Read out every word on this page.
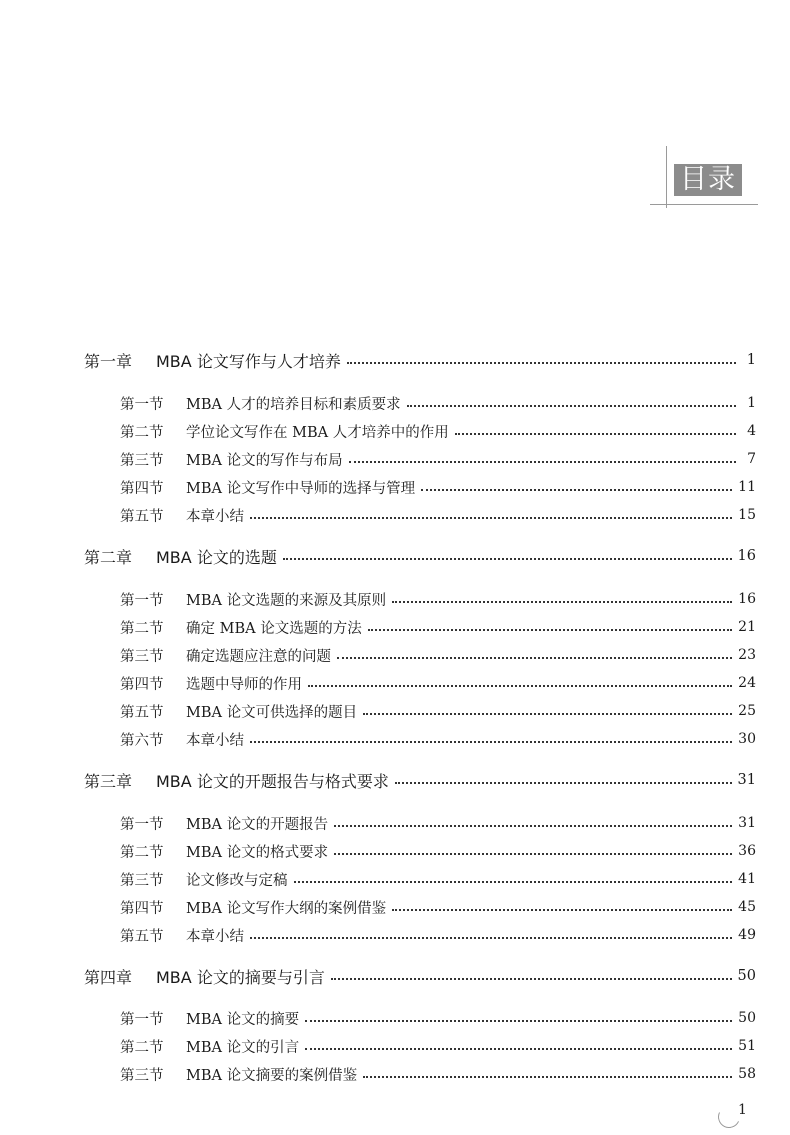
目录
第一章	MBA 论文写作与人才培养	1
第一节	MBA 人才的培养目标和素质要求	1
第二节	学位论文写作在 MBA 人才培养中的作用	4
第三节	MBA 论文的写作与布局	7
第四节	MBA 论文写作中导师的选择与管理	11
第五节	本章小结	15
第二章	MBA 论文的选题	16
第一节	MBA 论文选题的来源及其原则	16
第二节	确定 MBA 论文选题的方法	21
第三节	确定选题应注意的问题	23
第四节	选题中导师的作用	24
第五节	MBA 论文可供选择的题目	25
第六节	本章小结	30
第三章	MBA 论文的开题报告与格式要求	31
第一节	MBA 论文的开题报告	31
第二节	MBA 论文的格式要求	36
第三节	论文修改与定稿	41
第四节	MBA 论文写作大纲的案例借鉴	45
第五节	本章小结	49
第四章	MBA 论文的摘要与引言	50
第一节	MBA 论文的摘要	50
第二节	MBA 论文的引言	51
第三节	MBA 论文摘要的案例借鉴	58
1
